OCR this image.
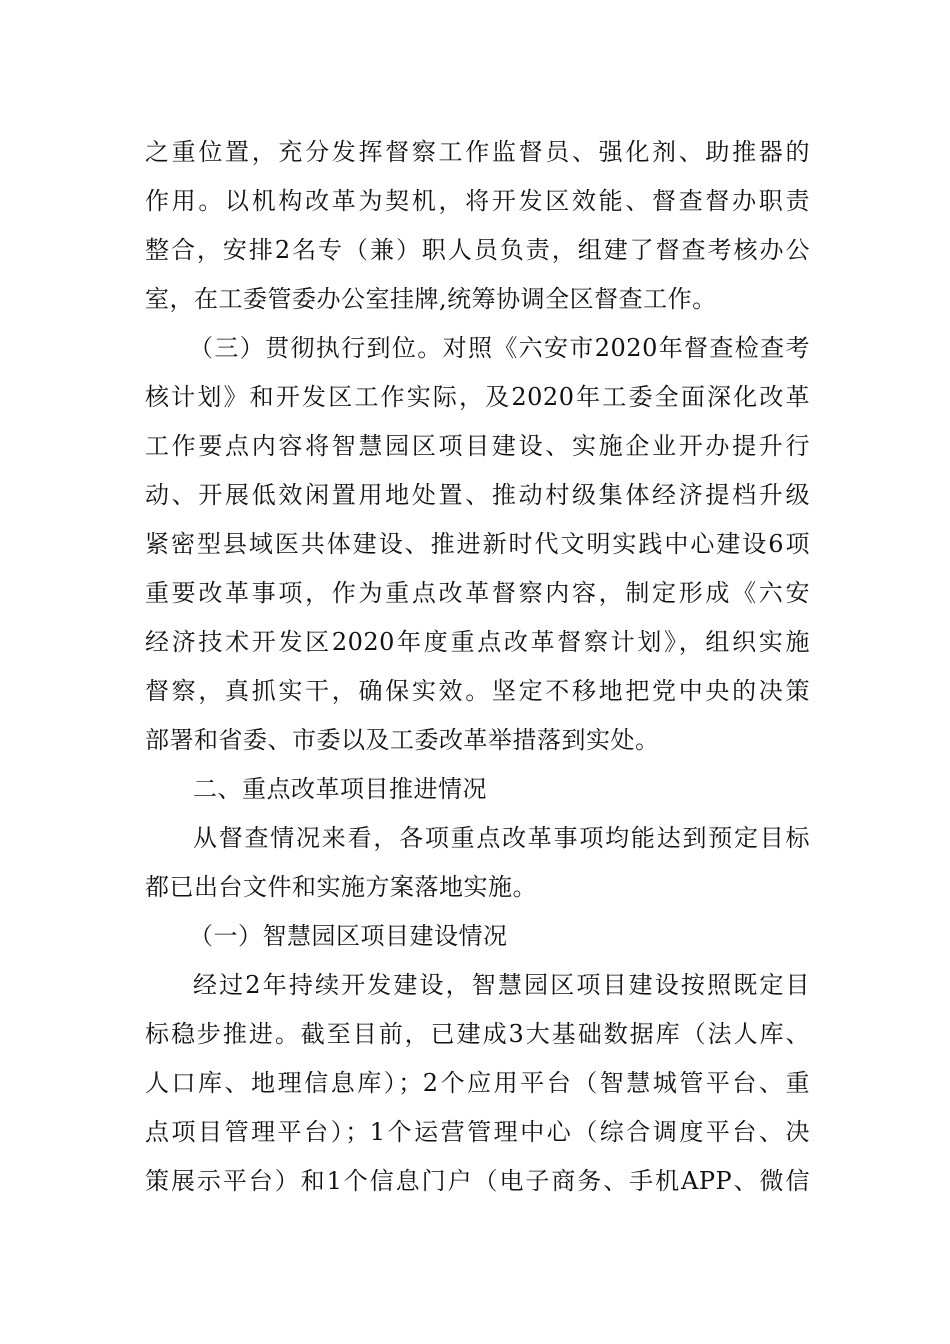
之重位置，充分发挥督察工作监督员、强化剂、助推器的
作用。以机构改革为契机，将开发区效能、督查督办职责
整合，安排2名专（兼）职人员负责，组建了督查考核办公
室，在工委管委办公室挂牌,统筹协调全区督查工作。
（三）贯彻执行到位。对照《六安市2020年督查检查考
核计划》和开发区工作实际，及2020年工委全面深化改革
工作要点内容将智慧园区项目建设、实施企业开办提升行
动、开展低效闲置用地处置、推动村级集体经济提档升级
紧密型县域医共体建设、推进新时代文明实践中心建设6项
重要改革事项，作为重点改革督察内容，制定形成《六安
经济技术开发区2020年度重点改革督察计划》，组织实施
督察，真抓实干，确保实效。坚定不移地把党中央的决策
部署和省委、市委以及工委改革举措落到实处。
二、重点改革项目推进情况
从督查情况来看，各项重点改革事项均能达到预定目标
都已出台文件和实施方案落地实施。
（一）智慧园区项目建设情况
经过2年持续开发建设，智慧园区项目建设按照既定目
标稳步推进。截至目前，已建成3大基础数据库（法人库、
人口库、地理信息库）；2个应用平台（智慧城管平台、重
点项目管理平台）；1个运营管理中心（综合调度平台、决
策展示平台）和1个信息门户（电子商务、手机APP、微信
